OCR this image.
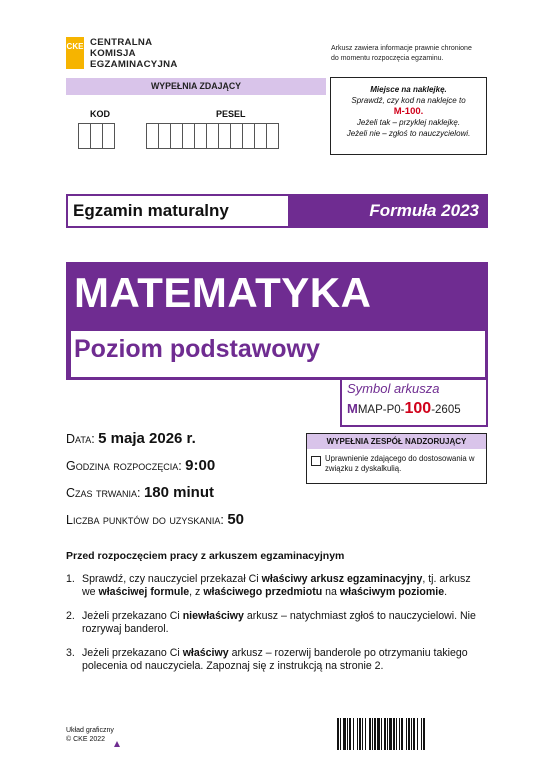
CKE CENTRALNA
KOMISJA
EGZAMINACYJNA
Arkusz zawiera informacje prawnie chronione
do momentu rozpoczęcia egzaminu.
WYPEŁNIA ZDAJĄCY
KOD	PESEL
Miejsce na naklejkę.
Sprawdź, czy kod na naklejce to
M-100.
Jeżeli tak – przyklej naklejkę.
Jeżeli nie – zgłoś to nauczycielowi.
Egzamin maturalny	Formuła 2023
MATEMATYKA
Poziom podstawowy
Symbol arkusza
MMAP-P0-100-2605
Data: 5 maja 2026 r.
Godzina rozpoczęcia: 9:00
Czas trwania: 180 minut
Liczba punktów do uzyskania: 50
WYPEŁNIA ZESPÓŁ NADZORUJĄCY
Uprawnienie zdającego do dostosowania w związku z dyskalkulią.
Przed rozpoczęciem pracy z arkuszem egzaminacyjnym
1. Sprawdź, czy nauczyciel przekazał Ci właściwy arkusz egzaminacyjny, tj. arkusz we właściwej formule, z właściwego przedmiotu na właściwym poziomie.
2. Jeżeli przekazano Ci niewłaściwy arkusz – natychmiast zgłoś to nauczycielowi. Nie rozrywaj banderol.
3. Jeżeli przekazano Ci właściwy arkusz – rozerwij banderole po otrzymaniu takiego polecenia od nauczyciela. Zapoznaj się z instrukcją na stronie 2.
Układ graficzny
© CKE 2022
